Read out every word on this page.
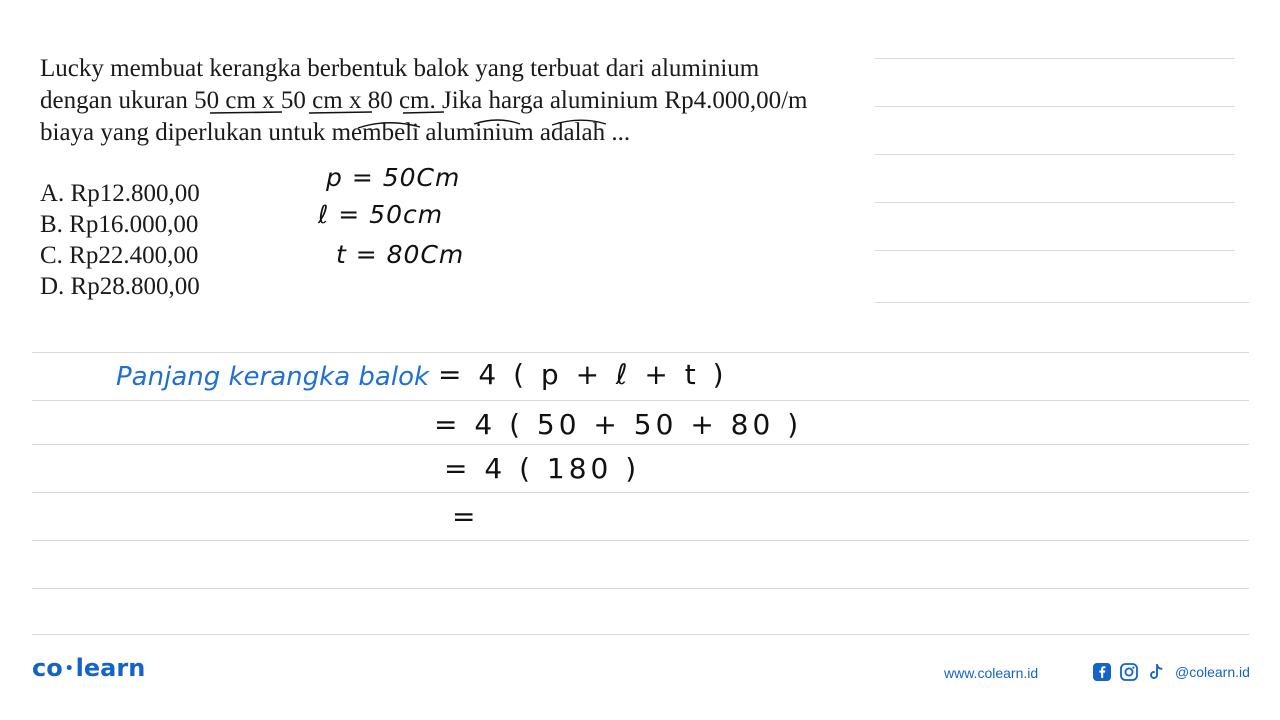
Lucky membuat kerangka berbentuk balok yang terbuat dari aluminium
dengan ukuran 50 cm x 50 cm x 80 cm. Jika harga aluminium Rp4.000,00/m
biaya yang diperlukan untuk membeli aluminium adalah ...
A. Rp12.800,00
B. Rp16.000,00
C. Rp22.400,00
D. Rp28.800,00
p = 50Cm
ℓ = 50cm
t = 80Cm
Panjang kerangka balok = 4 ( p + ℓ + t )
= 4 ( 50 + 50 + 80 )
= 4 ( 180 )
=
co •learn	www.colearn.id	@colearn.id
